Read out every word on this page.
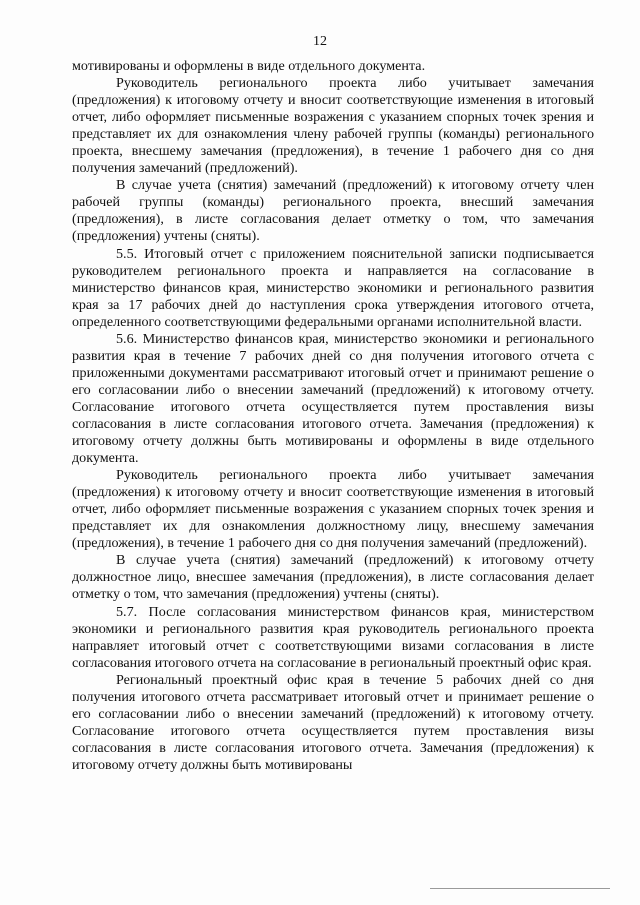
12

мотивированы и оформлены в виде отдельного документа.

Руководитель регионального проекта либо учитывает замечания (предложения) к итоговому отчету и вносит соответствующие изменения в итоговый отчет, либо оформляет письменные возражения с указанием спорных точек зрения и представляет их для ознакомления члену рабочей группы (команды) регионального проекта, внесшему замечания (предложения), в течение 1 рабочего дня со дня получения замечаний (предложений).

В случае учета (снятия) замечаний (предложений) к итоговому отчету член рабочей группы (команды) регионального проекта, внесший замечания (предложения), в листе согласования делает отметку о том, что замечания (предложения) учтены (сняты).

5.5. Итоговый отчет с приложением пояснительной записки подписывается руководителем регионального проекта и направляется на согласование в министерство финансов края, министерство экономики и регионального развития края за 17 рабочих дней до наступления срока утверждения итогового отчета, определенного соответствующими федеральными органами исполнительной власти.

5.6. Министерство финансов края, министерство экономики и регионального развития края в течение 7 рабочих дней со дня получения итогового отчета с приложенными документами рассматривают итоговый отчет и принимают решение о его согласовании либо о внесении замечаний (предложений) к итоговому отчету. Согласование итогового отчета осуществляется путем проставления визы согласования в листе согласования итогового отчета. Замечания (предложения) к итоговому отчету должны быть мотивированы и оформлены в виде отдельного документа.

Руководитель регионального проекта либо учитывает замечания (предложения) к итоговому отчету и вносит соответствующие изменения в итоговый отчет, либо оформляет письменные возражения с указанием спорных точек зрения и представляет их для ознакомления должностному лицу, внесшему замечания (предложения), в течение 1 рабочего дня со дня получения замечаний (предложений).

В случае учета (снятия) замечаний (предложений) к итоговому отчету должностное лицо, внесшее замечания (предложения), в листе согласования делает отметку о том, что замечания (предложения) учтены (сняты).

5.7. После согласования министерством финансов края, министерством экономики и регионального развития края руководитель регионального проекта направляет итоговый отчет с соответствующими визами согласования в листе согласования итогового отчета на согласование в региональный проектный офис края.

Региональный проектный офис края в течение 5 рабочих дней со дня получения итогового отчета рассматривает итоговый отчет и принимает решение о его согласовании либо о внесении замечаний (предложений) к итоговому отчету. Согласование итогового отчета осуществляется путем проставления визы согласования в листе согласования итогового отчета. Замечания (предложения) к итоговому отчету должны быть мотивированы
